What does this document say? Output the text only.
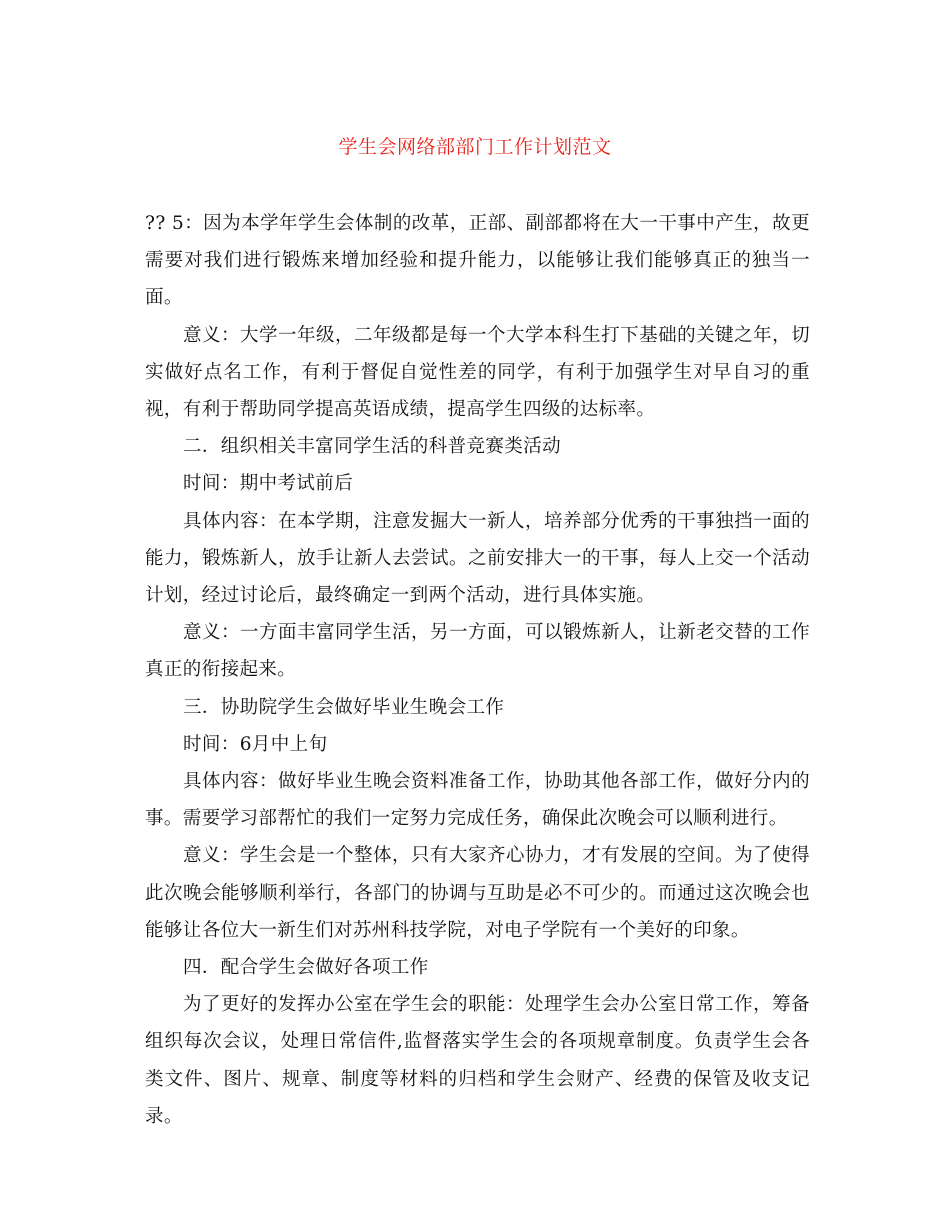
学生会网络部部门工作计划范文

?? 5：因为本学年学生会体制的改革，正部、副部都将在大一干事中产生，故更需要对我们进行锻炼来增加经验和提升能力，以能够让我们能够真正的独当一面。

意义：大学一年级，二年级都是每一个大学本科生打下基础的关键之年，切实做好点名工作，有利于督促自觉性差的同学，有利于加强学生对早自习的重视，有利于帮助同学提高英语成绩，提高学生四级的达标率。

二．组织相关丰富同学生活的科普竞赛类活动

时间：期中考试前后

具体内容：在本学期，注意发掘大一新人，培养部分优秀的干事独挡一面的能力，锻炼新人，放手让新人去尝试。之前安排大一的干事，每人上交一个活动计划，经过讨论后，最终确定一到两个活动，进行具体实施。

意义：一方面丰富同学生活，另一方面，可以锻炼新人，让新老交替的工作真正的衔接起来。

三．协助院学生会做好毕业生晚会工作

时间：6月中上旬

具体内容：做好毕业生晚会资料准备工作，协助其他各部工作，做好分内的事。需要学习部帮忙的我们一定努力完成任务，确保此次晚会可以顺利进行。

意义：学生会是一个整体，只有大家齐心协力，才有发展的空间。为了使得此次晚会能够顺利举行，各部门的协调与互助是必不可少的。而通过这次晚会也能够让各位大一新生们对苏州科技学院，对电子学院有一个美好的印象。

四．配合学生会做好各项工作

为了更好的发挥办公室在学生会的职能：处理学生会办公室日常工作，筹备组织每次会议，处理日常信件,监督落实学生会的各项规章制度。负责学生会各类文件、图片、规章、制度等材料的归档和学生会财产、经费的保管及收支记录。
